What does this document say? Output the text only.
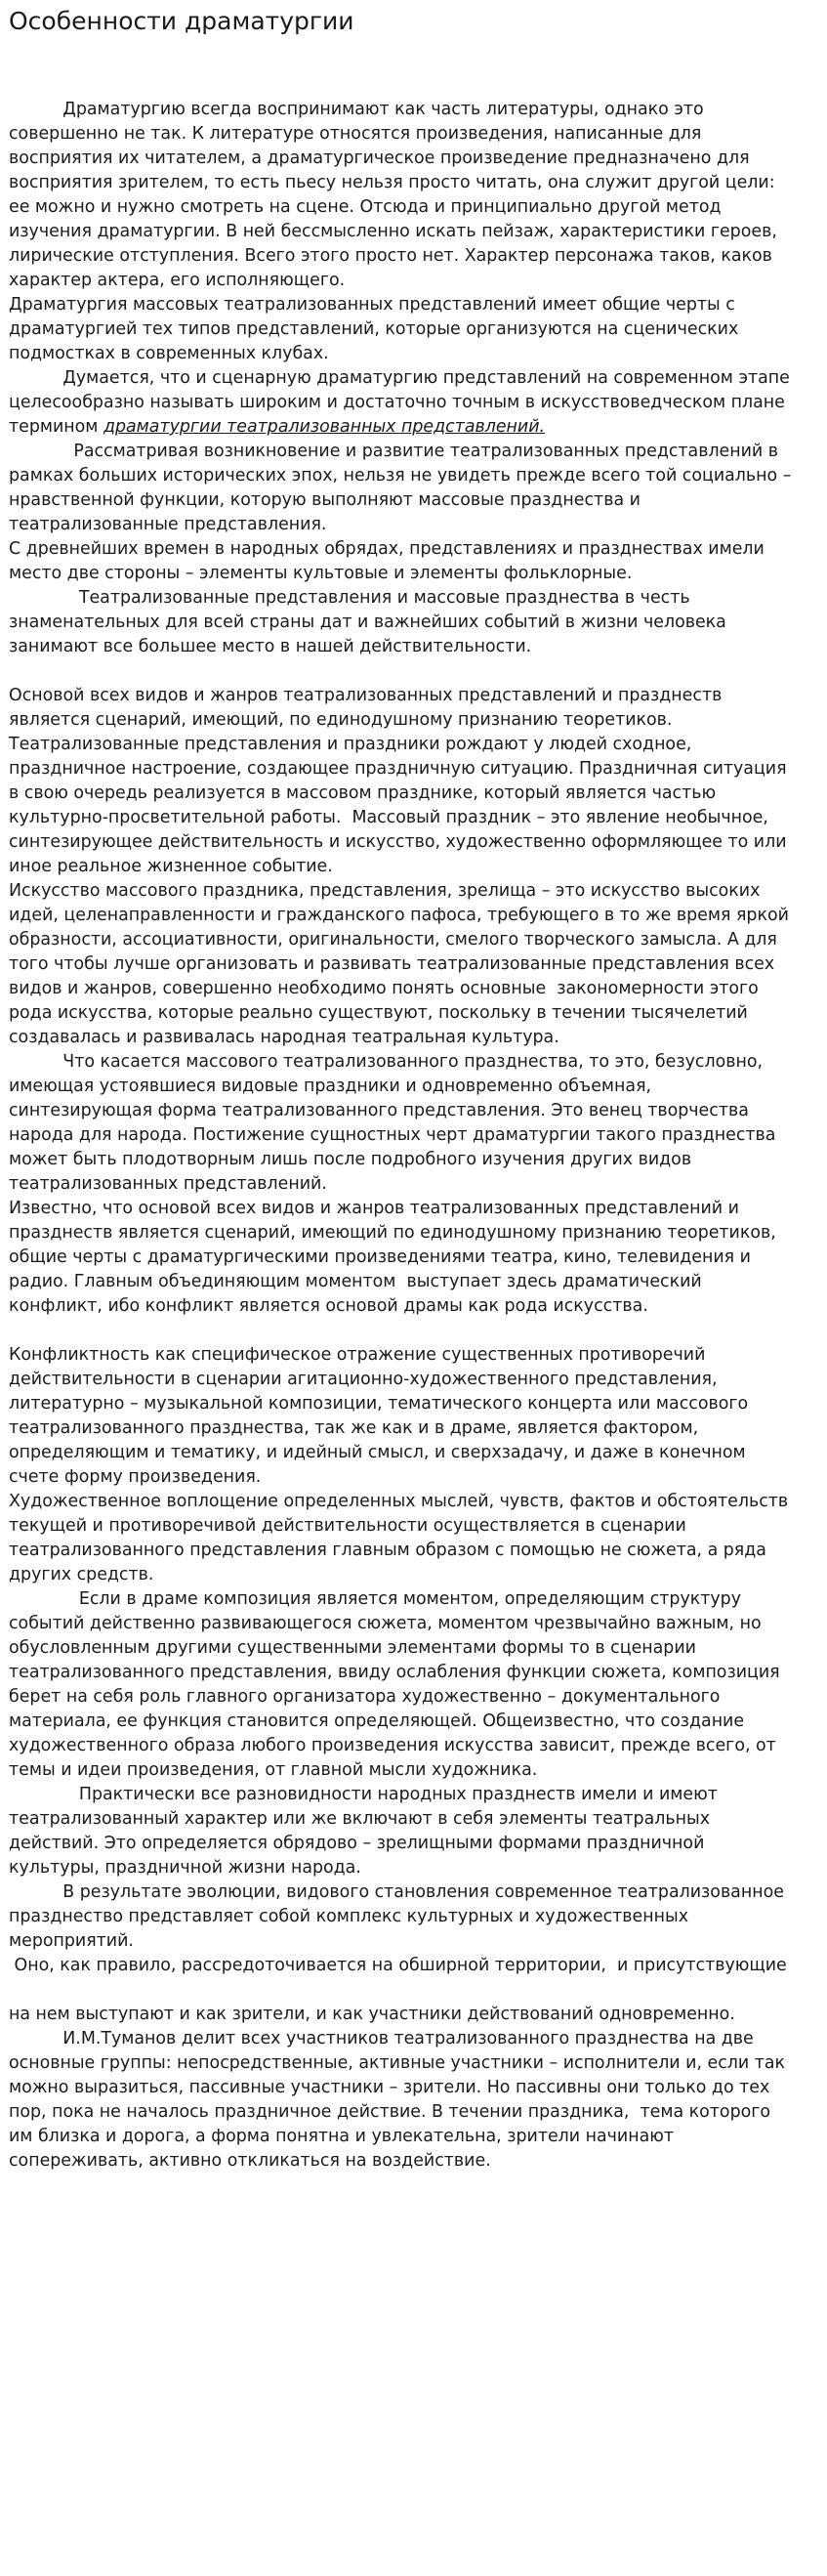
Особенности драматургии
Драматургию всегда воспринимают как часть литературы, однако это
совершенно не так. К литературе относятся произведения, написанные для
восприятия их читателем, а драматургическое произведение предназначено для
восприятия зрителем, то есть пьесу нельзя просто читать, она служит другой цели:
ее можно и нужно смотреть на сцене. Отсюда и принципиально другой метод
изучения драматургии. В ней бессмысленно искать пейзаж, характеристики героев,
лирические отступления. Всего этого просто нет. Характер персонажа таков, каков
характер актера, его исполняющего.
Драматургия массовых театрализованных представлений имеет общие черты с
драматургией тех типов представлений, которые организуются на сценических
подмостках в современных клубах.
Думается, что и сценарную драматургию представлений на современном этапе
целесообразно называть широким и достаточно точным в искусствоведческом плане
термином драматургии театрализованных представлений.
Рассматривая возникновение и развитие театрализованных представлений в
рамках больших исторических эпох, нельзя не увидеть прежде всего той социально –
нравственной функции, которую выполняют массовые празднества и
театрализованные представления.
С древнейших времен в народных обрядах, представлениях и празднествах имели
место две стороны – элементы культовые и элементы фольклорные.
Театрализованные представления и массовые празднества в честь
знаменательных для всей страны дат и важнейших событий в жизни человека
занимают все большее место в нашей действительности.
Основой всех видов и жанров театрализованных представлений и празднеств
является сценарий, имеющий, по единодушному признанию теоретиков.
Театрализованные представления и праздники рождают у людей сходное,
праздничное настроение, создающее праздничную ситуацию. Праздничная ситуация
в свою очередь реализуется в массовом празднике, который является частью
культурно-просветительной работы.  Массовый праздник – это явление необычное,
синтезирующее действительность и искусство, художественно оформляющее то или
иное реальное жизненное событие.
Искусство массового праздника, представления, зрелища – это искусство высоких
идей, целенаправленности и гражданского пафоса, требующего в то же время яркой
образности, ассоциативности, оригинальности, смелого творческого замысла. А для
того чтобы лучше организовать и развивать театрализованные представления всех
видов и жанров, совершенно необходимо понять основные  закономерности этого
рода искусства, которые реально существуют, поскольку в течении тысячелетий
создавалась и развивалась народная театральная культура.
Что касается массового театрализованного празднества, то это, безусловно,
имеющая устоявшиеся видовые праздники и одновременно объемная,
синтезирующая форма театрализованного представления. Это венец творчества
народа для народа. Постижение сущностных черт драматургии такого празднества
может быть плодотворным лишь после подробного изучения других видов
театрализованных представлений.
Известно, что основой всех видов и жанров театрализованных представлений и
празднеств является сценарий, имеющий по единодушному признанию теоретиков,
общие черты с драматургическими произведениями театра, кино, телевидения и
радио. Главным объединяющим моментом  выступает здесь драматический
конфликт, ибо конфликт является основой драмы как рода искусства.
Конфликтность как специфическое отражение существенных противоречий
действительности в сценарии агитационно-художественного представления,
литературно – музыкальной композиции, тематического концерта или массового
театрализованного празднества, так же как и в драме, является фактором,
определяющим и тематику, и идейный смысл, и сверхзадачу, и даже в конечном
счете форму произведения.
Художественное воплощение определенных мыслей, чувств, фактов и обстоятельств
текущей и противоречивой действительности осуществляется в сценарии
театрализованного представления главным образом с помощью не сюжета, а ряда
других средств.
Если в драме композиция является моментом, определяющим структуру
событий действенно развивающегося сюжета, моментом чрезвычайно важным, но
обусловленным другими существенными элементами формы то в сценарии
театрализованного представления, ввиду ослабления функции сюжета, композиция
берет на себя роль главного организатора художественно – документального
материала, ее функция становится определяющей. Общеизвестно, что создание
художественного образа любого произведения искусства зависит, прежде всего, от
темы и идеи произведения, от главной мысли художника.
Практически все разновидности народных празднеств имели и имеют
театрализованный характер или же включают в себя элементы театральных
действий. Это определяется обрядово – зрелищными формами праздничной
культуры, праздничной жизни народа.
В результате эволюции, видового становления современное театрализованное
празднество представляет собой комплекс культурных и художественных
мероприятий.
Оно, как правило, рассредоточивается на обширной территории,  и присутствующие
на нем выступают и как зрители, и как участники действований одновременно.
И.М.Туманов делит всех участников театрализованного празднества на две
основные группы: непосредственные, активные участники – исполнители и, если так
можно выразиться, пассивные участники – зрители. Но пассивны они только до тех
пор, пока не началось праздничное действие. В течении праздника,  тема которого
им близка и дорога, а форма понятна и увлекательна, зрители начинают
сопереживать, активно откликаться на воздействие.
